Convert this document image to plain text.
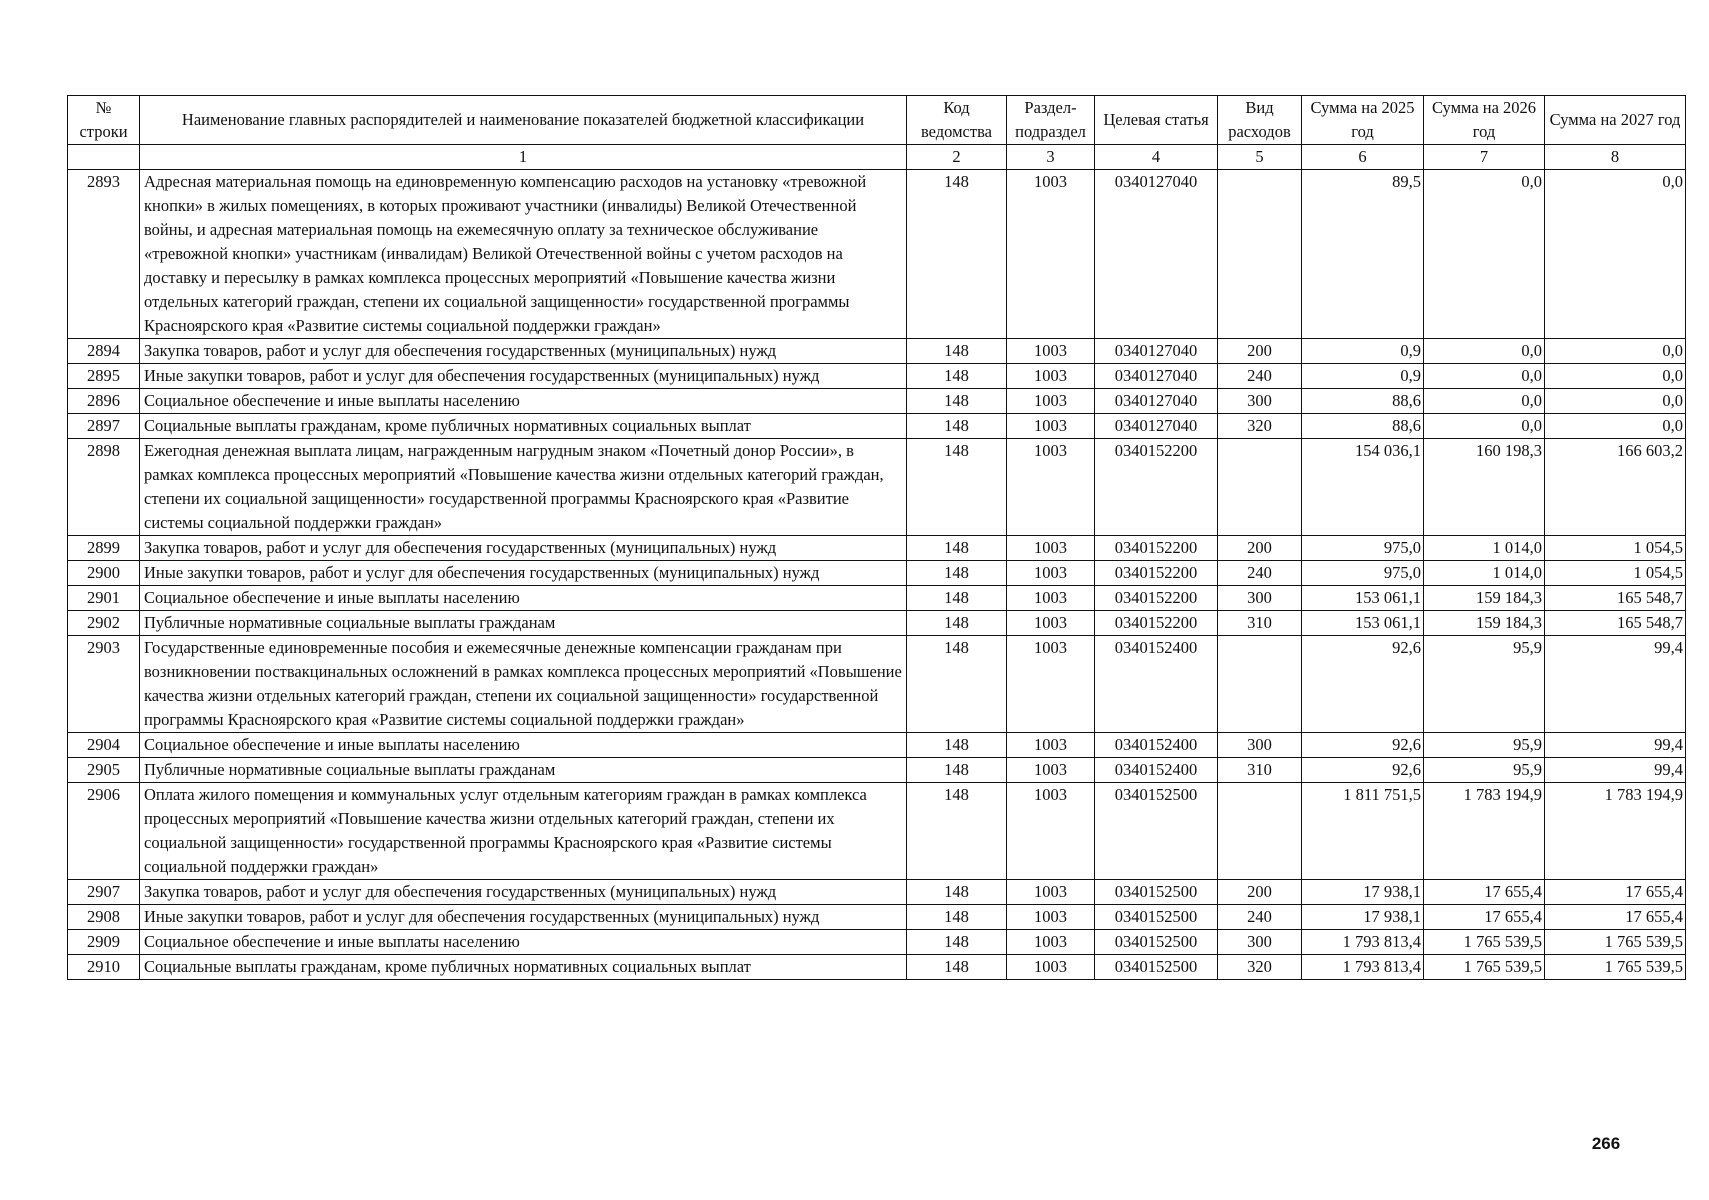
№ строки	Наименование главных распорядителей и наименование показателей бюджетной классификации	Код ведомства	Раздел-подраздел	Целевая статья	Вид расходов	Сумма на 2025 год	Сумма на 2026 год	Сумма на 2027 год
	1	2	3	4	5	6	7	8
2893	Адресная материальная помощь на единовременную компенсацию расходов на установку «тревожной кнопки» в жилых помещениях, в которых проживают участники (инвалиды) Великой Отечественной войны, и адресная материальная помощь на ежемесячную оплату за техническое обслуживание «тревожной кнопки» участникам (инвалидам) Великой Отечественной войны с учетом расходов на доставку и пересылку в рамках комплекса процессных мероприятий «Повышение качества жизни отдельных категорий граждан, степени их социальной защищенности» государственной программы Красноярского края «Развитие системы социальной поддержки граждан»	148	1003	0340127040		89,5	0,0	0,0
2894	Закупка товаров, работ и услуг для обеспечения государственных (муниципальных) нужд	148	1003	0340127040	200	0,9	0,0	0,0
2895	Иные закупки товаров, работ и услуг для обеспечения государственных (муниципальных) нужд	148	1003	0340127040	240	0,9	0,0	0,0
2896	Социальное обеспечение и иные выплаты населению	148	1003	0340127040	300	88,6	0,0	0,0
2897	Социальные выплаты гражданам, кроме публичных нормативных социальных выплат	148	1003	0340127040	320	88,6	0,0	0,0
2898	Ежегодная денежная выплата лицам, награжденным нагрудным знаком «Почетный донор России», в рамках комплекса процессных мероприятий «Повышение качества жизни отдельных категорий граждан, степени их социальной защищенности» государственной программы Красноярского края «Развитие системы социальной поддержки граждан»	148	1003	0340152200		154 036,1	160 198,3	166 603,2
2899	Закупка товаров, работ и услуг для обеспечения государственных (муниципальных) нужд	148	1003	0340152200	200	975,0	1 014,0	1 054,5
2900	Иные закупки товаров, работ и услуг для обеспечения государственных (муниципальных) нужд	148	1003	0340152200	240	975,0	1 014,0	1 054,5
2901	Социальное обеспечение и иные выплаты населению	148	1003	0340152200	300	153 061,1	159 184,3	165 548,7
2902	Публичные нормативные социальные выплаты гражданам	148	1003	0340152200	310	153 061,1	159 184,3	165 548,7
2903	Государственные единовременные пособия и ежемесячные денежные компенсации гражданам при возникновении поствакцинальных осложнений в рамках комплекса процессных мероприятий «Повышение качества жизни отдельных категорий граждан, степени их социальной защищенности» государственной программы Красноярского края «Развитие системы социальной поддержки граждан»	148	1003	0340152400		92,6	95,9	99,4
2904	Социальное обеспечение и иные выплаты населению	148	1003	0340152400	300	92,6	95,9	99,4
2905	Публичные нормативные социальные выплаты гражданам	148	1003	0340152400	310	92,6	95,9	99,4
2906	Оплата жилого помещения и коммунальных услуг отдельным категориям граждан в рамках комплекса процессных мероприятий «Повышение качества жизни отдельных категорий граждан, степени их социальной защищенности» государственной программы Красноярского края «Развитие системы социальной поддержки граждан»	148	1003	0340152500		1 811 751,5	1 783 194,9	1 783 194,9
2907	Закупка товаров, работ и услуг для обеспечения государственных (муниципальных) нужд	148	1003	0340152500	200	17 938,1	17 655,4	17 655,4
2908	Иные закупки товаров, работ и услуг для обеспечения государственных (муниципальных) нужд	148	1003	0340152500	240	17 938,1	17 655,4	17 655,4
2909	Социальное обеспечение и иные выплаты населению	148	1003	0340152500	300	1 793 813,4	1 765 539,5	1 765 539,5
2910	Социальные выплаты гражданам, кроме публичных нормативных социальных выплат	148	1003	0340152500	320	1 793 813,4	1 765 539,5	1 765 539,5
266
